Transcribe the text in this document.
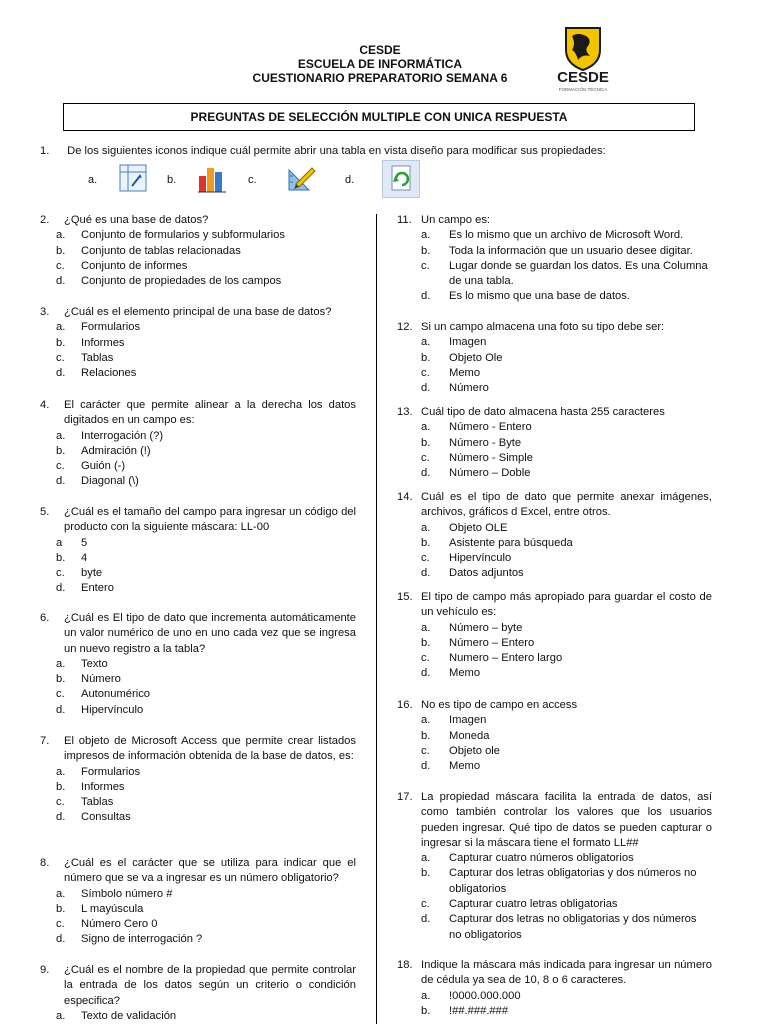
CESDE
ESCUELA DE INFORMÁTICA
CUESTIONARIO PREPARATORIO SEMANA 6	CESDE
FORMACIÓN TÉCNICA
PREGUNTAS DE SELECCIÓN MULTIPLE CON UNICA RESPUESTA
1. De los siguientes iconos indique cuál permite abrir una tabla en vista diseño para modificar sus propiedades:
a.	b.	c.	d.
2. ¿Qué es una base de datos?
a.	Conjunto de formularios y subformularios
b.	Conjunto de tablas relacionadas
c.	Conjunto de informes
d.	Conjunto de propiedades de los campos
3. ¿Cuál es el elemento principal de una base de datos?
a.	Formularios
b.	Informes
c.	Tablas
d.	Relaciones
4. El carácter que permite alinear a la derecha los datos digitados en un campo es:
a.	Interrogación (?)
b.	Admiración (!)
c.	Guión (-)
d.	Diagonal (\)
5. ¿Cuál es el tamaño del campo para ingresar un código del producto con la siguiente máscara: LL-00
a	5
b.	4
c.	byte
d.	Entero
6. ¿Cuál es El tipo de dato que incrementa automáticamente un valor numérico de uno en uno cada vez que se ingresa un nuevo registro a la tabla?
a.	Texto
b.	Número
c.	Autonumérico
d.	Hipervínculo
7. El objeto de Microsoft Access que permite crear listados impresos de información obtenida de la base de datos, es:
a.	Formularios
b.	Informes
c.	Tablas
d.	Consultas
8. ¿Cuál es el carácter que se utiliza para indicar que el número que se va a ingresar es un número obligatorio?
a.	Símbolo número #
b.	L mayúscula
c.	Número Cero 0
d.	Signo de interrogación ?
9. ¿Cuál es el nombre de la propiedad que permite controlar la entrada de los datos según un criterio o condición especifica?
a.	Texto de validación
11. Un campo es:
a.	Es lo mismo que un archivo de Microsoft Word.
b.	Toda la información que un usuario desee digitar.
c.	Lugar donde se guardan los datos. Es una Columna de una tabla.
d.	Es lo mismo que una base de datos.
12. Si un campo almacena una foto su tipo debe ser:
a.	Imagen
b.	Objeto Ole
c.	Memo
d.	Número
13. Cuál tipo de dato almacena hasta 255 caracteres
a.	Número - Entero
b.	Número - Byte
c.	Número - Simple
d.	Número – Doble
14. Cuál es el tipo de dato que permite anexar imágenes, archivos, gráficos d Excel, entre otros.
a.	Objeto OLE
b.	Asistente para búsqueda
c.	Hipervínculo
d.	Datos adjuntos
15. El tipo de campo más apropiado para guardar el costo de un vehículo es:
a.	Número – byte
b.	Número – Entero
c.	Numero – Entero largo
d.	Memo
16. No es tipo de campo en access
a.	Imagen
b.	Moneda
c.	Objeto ole
d.	Memo
17. La propiedad máscara facilita la entrada de datos, así como también controlar los valores que los usuarios pueden ingresar. Qué tipo de datos se pueden capturar o ingresar si la máscara tiene el formato LL##
a.	Capturar cuatro números obligatorios
b.	Capturar dos letras obligatorias y dos números no obligatorios
c.	Capturar cuatro letras obligatorias
d.	Capturar dos letras no obligatorias y dos números no obligatorios
18. Indique la máscara más indicada para ingresar un número de cédula ya sea de 10, 8 o 6 caracteres.
a.	!0000.000.000
b.	!##.###.###
